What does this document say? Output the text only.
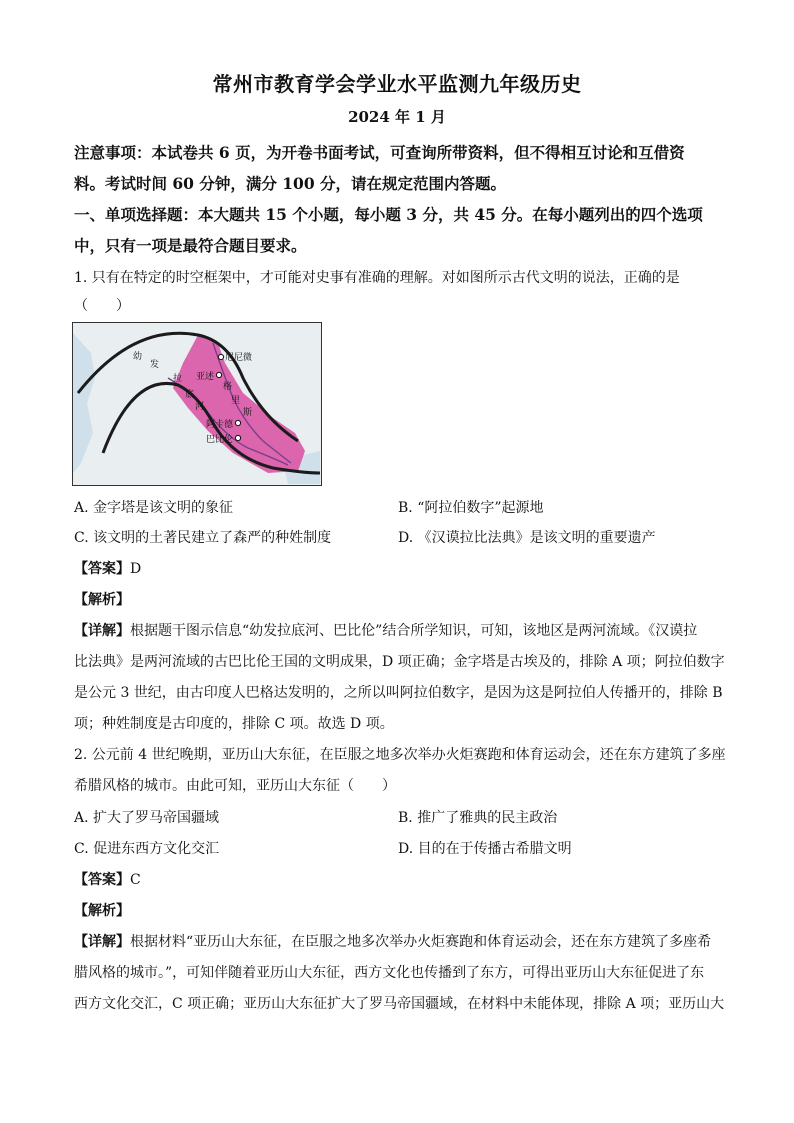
常州市教育学会学业水平监测九年级历史
2024 年 1 月
注意事项：本试卷共 6 页，为开卷书面考试，可查询所带资料，但不得相互讨论和互借资
料。考试时间 60 分钟，满分 100 分，请在规定范围内答题。
一、单项选择题：本大题共 15 个小题，每小题 3 分，共 45 分。在每小题列出的四个选项
中，只有一项是最符合题目要求。
1. 只有在特定的时空框架中，才可能对史事有准确的理解。对如图所示古代文明的说法，正确的是
（　　）
尼尼微
亚述
阿卡德
巴比伦
幼
发
拉
底
河
格
里
斯
A. 金字塔是该文明的象征	B. “阿拉伯数字”起源地
C. 该文明的土著民建立了森严的种姓制度	D. 《汉谟拉比法典》是该文明的重要遗产
【答案】D
【解析】
【详解】根据题干图示信息“幼发拉底河、巴比伦”结合所学知识，可知，该地区是两河流域。《汉谟拉
比法典》是两河流域的古巴比伦王国的文明成果，D 项正确；金字塔是古埃及的，排除 A 项；阿拉伯数字
是公元 3 世纪，由古印度人巴格达发明的，之所以叫阿拉伯数字，是因为这是阿拉伯人传播开的，排除 B
项；种姓制度是古印度的，排除 C 项。故选 D 项。
2. 公元前 4 世纪晚期，亚历山大东征，在臣服之地多次举办火炬赛跑和体育运动会，还在东方建筑了多座
希腊风格的城市。由此可知，亚历山大东征（　　）
A. 扩大了罗马帝国疆域	B. 推广了雅典的民主政治
C. 促进东西方文化交汇	D. 目的在于传播古希腊文明
【答案】C
【解析】
【详解】根据材料“亚历山大东征，在臣服之地多次举办火炬赛跑和体育运动会，还在东方建筑了多座希
腊风格的城市。”，可知伴随着亚历山大东征，西方文化也传播到了东方，可得出亚历山大东征促进了东
西方文化交汇，C 项正确；亚历山大东征扩大了罗马帝国疆域，在材料中未能体现，排除 A 项；亚历山大
